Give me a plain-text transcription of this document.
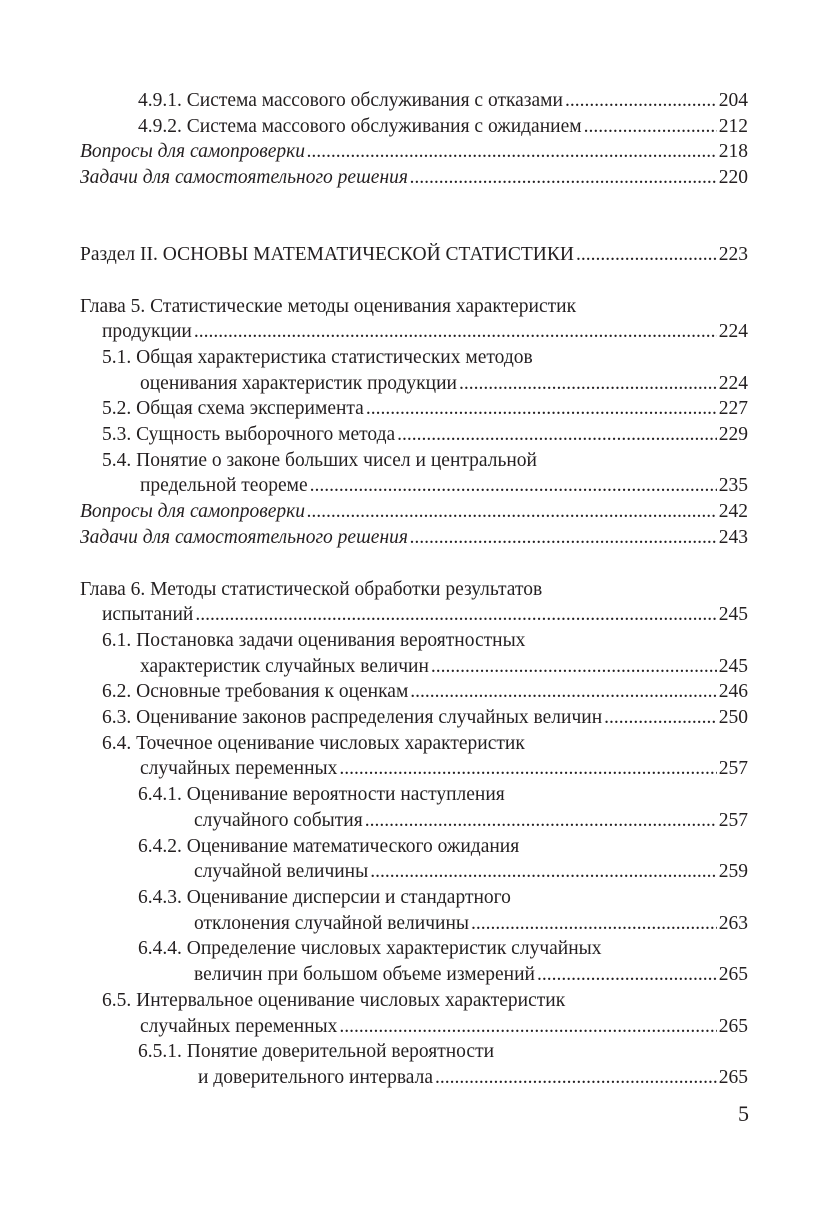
4.9.1. Система массового обслуживания с отказами .....	204
4.9.2. Система массового обслуживания с ожиданием .....	212
Вопросы для самопроверки .....	218
Задачи для самостоятельного решения .....	220
Раздел II. ОСНОВЫ МАТЕМАТИЧЕСКОЙ СТАТИСТИКИ .....	223
Глава 5. Статистические методы оценивания характеристик
продукции .....	224
5.1. Общая характеристика статистических методов
оценивания характеристик продукции .....	224
5.2. Общая схема эксперимента .....	227
5.3. Сущность выборочного метода .....	229
5.4. Понятие о законе больших чисел и центральной
предельной теореме .....	235
Вопросы для самопроверки .....	242
Задачи для самостоятельного решения .....	243
Глава 6. Методы статистической обработки результатов
испытаний .....	245
6.1. Постановка задачи оценивания вероятностных
характеристик случайных величин .....	245
6.2. Основные требования к оценкам .....	246
6.3. Оценивание законов распределения случайных величин .....	250
6.4. Точечное оценивание числовых характеристик
случайных переменных .....	257
6.4.1. Оценивание вероятности наступления
случайного события .....	257
6.4.2. Оценивание математического ожидания
случайной величины .....	259
6.4.3. Оценивание дисперсии и стандартного
отклонения случайной величины .....	263
6.4.4. Определение числовых характеристик случайных
величин при большом объеме измерений .....	265
6.5. Интервальное оценивание числовых характеристик
случайных переменных .....	265
6.5.1. Понятие доверительной вероятности
и доверительного интервала .....	265
5
